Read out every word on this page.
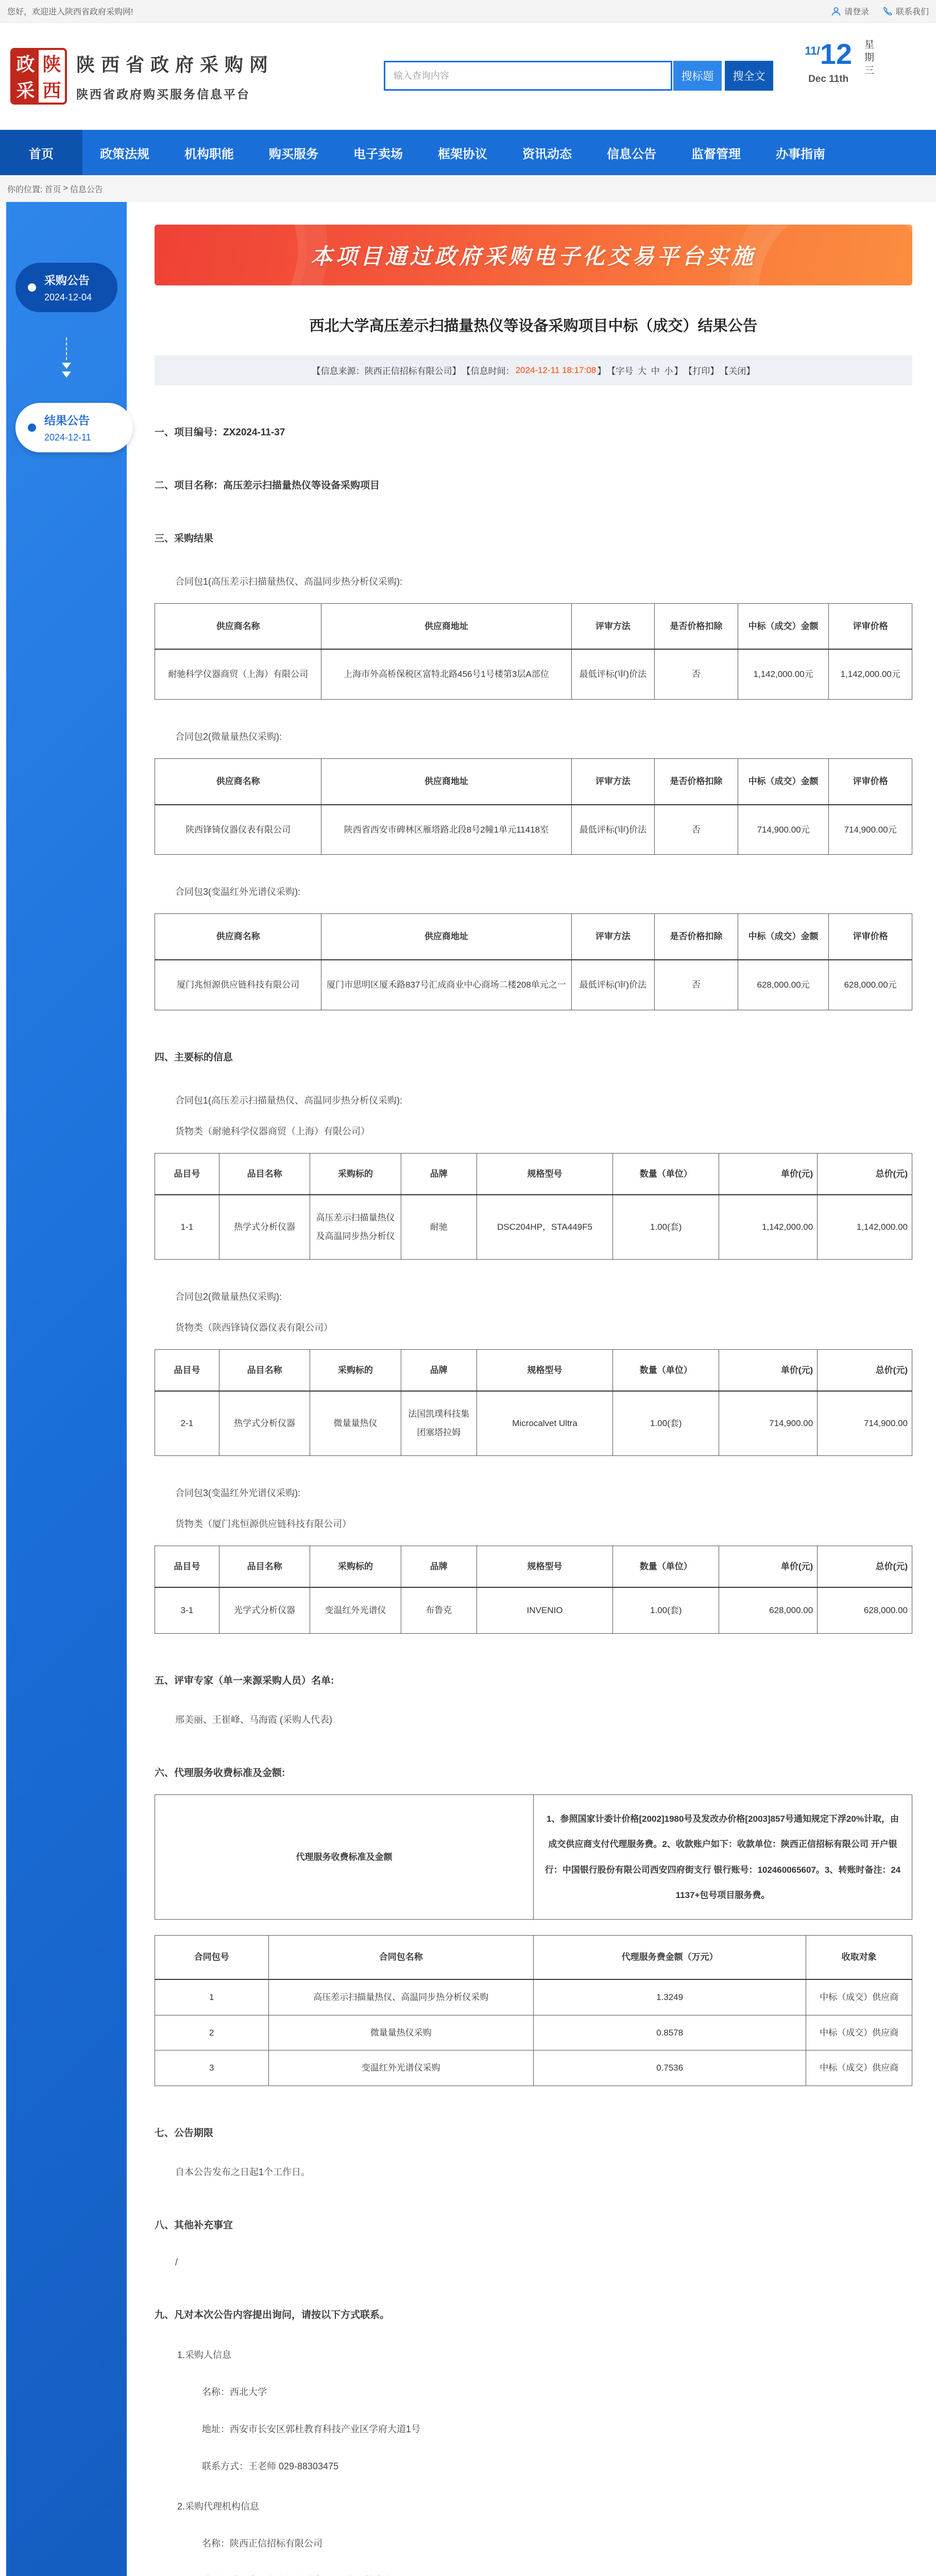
您好，欢迎进入陕西省政府采购网!	请登录	联系我们
政 陕
采 西
陕西省政府采购网
陕西省政府购买服务信息平台
输入查询内容
搜标题	搜全文
11/12
Dec 11th
星期三
首页	政策法规	机构职能	购买服务	电子卖场	框架协议	资讯动态	信息公告	监督管理	办事指南
你的位置: 首页 > 信息公告
采购公告
2024-12-04
结果公告
2024-12-11
本项目通过政府采购电子化交易平台实施
西北大学高压差示扫描量热仪等设备采购项目中标（成交）结果公告
【信息来源：陕西正信招标有限公司】 【信息时间： 2024-12-11 18:17:08 】 【字号
大
中
小 】 【打印】 【关闭】
一、项目编号：ZX2024-11-37
二、项目名称：高压差示扫描量热仪等设备采购项目
三、采购结果
合同包1(高压差示扫描量热仪、高温同步热分析仪采购):
供应商名称	供应商地址	评审方法	是否价格扣除	中标（成交）金额	评审价格
耐驰科学仪器商贸（上海）有限公司	上海市外高桥保税区富特北路456号1号楼第3层A部位	最低评标(审)价法	否	1,142,000.00元	1,142,000.00元
合同包2(微量量热仪采购):
供应商名称	供应商地址	评审方法	是否价格扣除	中标（成交）金额	评审价格
陕西锋锜仪器仪表有限公司	陕西省西安市碑林区雁塔路北段8号2幢1单元11418室	最低评标(审)价法	否	714,900.00元	714,900.00元
合同包3(变温红外光谱仪采购):
供应商名称	供应商地址	评审方法	是否价格扣除	中标（成交）金额	评审价格
厦门兆恒源供应链科技有限公司	厦门市思明区厦禾路837号汇成商业中心商场二楼208单元之一	最低评标(审)价法	否	628,000.00元	628,000.00元
四、主要标的信息
合同包1(高压差示扫描量热仪、高温同步热分析仪采购):
货物类（耐驰科学仪器商贸（上海）有限公司）
品目号	品目名称	采购标的	品牌	规格型号	数量（单位）	单价(元)	总价(元)
1-1	热学式分析仪器	高压差示扫描量热仪及高温同步热分析仪	耐驰	DSC204HP，STA449F5	1.00(套)	1,142,000.00	1,142,000.00
合同包2(微量量热仪采购):
货物类（陕西锋锜仪器仪表有限公司）
品目号	品目名称	采购标的	品牌	规格型号	数量（单位）	单价(元)	总价(元)
2-1	热学式分析仪器	微量量热仪	法国凯璞科技集团塞塔拉姆	Microcalvet Ultra	1.00(套)	714,900.00	714,900.00
合同包3(变温红外光谱仪采购):
货物类（厦门兆恒源供应链科技有限公司）
品目号	品目名称	采购标的	品牌	规格型号	数量（单位）	单价(元)	总价(元)
3-1	光学式分析仪器	变温红外光谱仪	布鲁克	INVENIO	1.00(套)	628,000.00	628,000.00
五、评审专家（单一来源采购人员）名单:
邢美丽、王崔峰、马海霞 (采购人代表)
六、代理服务收费标准及金额:
代理服务收费标准及金额	1、参照国家计委计价格[2002]1980号及发改办价格[2003]857号通知规定下浮20%计取，由成交供应商支付代理服务费。2、收款账户如下：收款单位：陕西正信招标有限公司 开户银行：中国银行股份有限公司西安四府街支行 银行账号：102460065607。3、转账时备注：241137+包号项目服务费。
合同包号	合同包名称	代理服务费金额（万元）	收取对象
1	高压差示扫描量热仪、高温同步热分析仪采购	1.3249	中标（成交）供应商
2	微量量热仪采购	0.8578	中标（成交）供应商
3	变温红外光谱仪采购	0.7536	中标（成交）供应商
七、公告期限
自本公告发布之日起1个工作日。
八、其他补充事宜
/
九、凡对本次公告内容提出询问，请按以下方式联系。
1.采购人信息
名称：西北大学
地址：西安市长安区郭杜教育科技产业区学府大道1号
联系方式：王老师 029-88303475
2.采购代理机构信息
名称：陕西正信招标有限公司
